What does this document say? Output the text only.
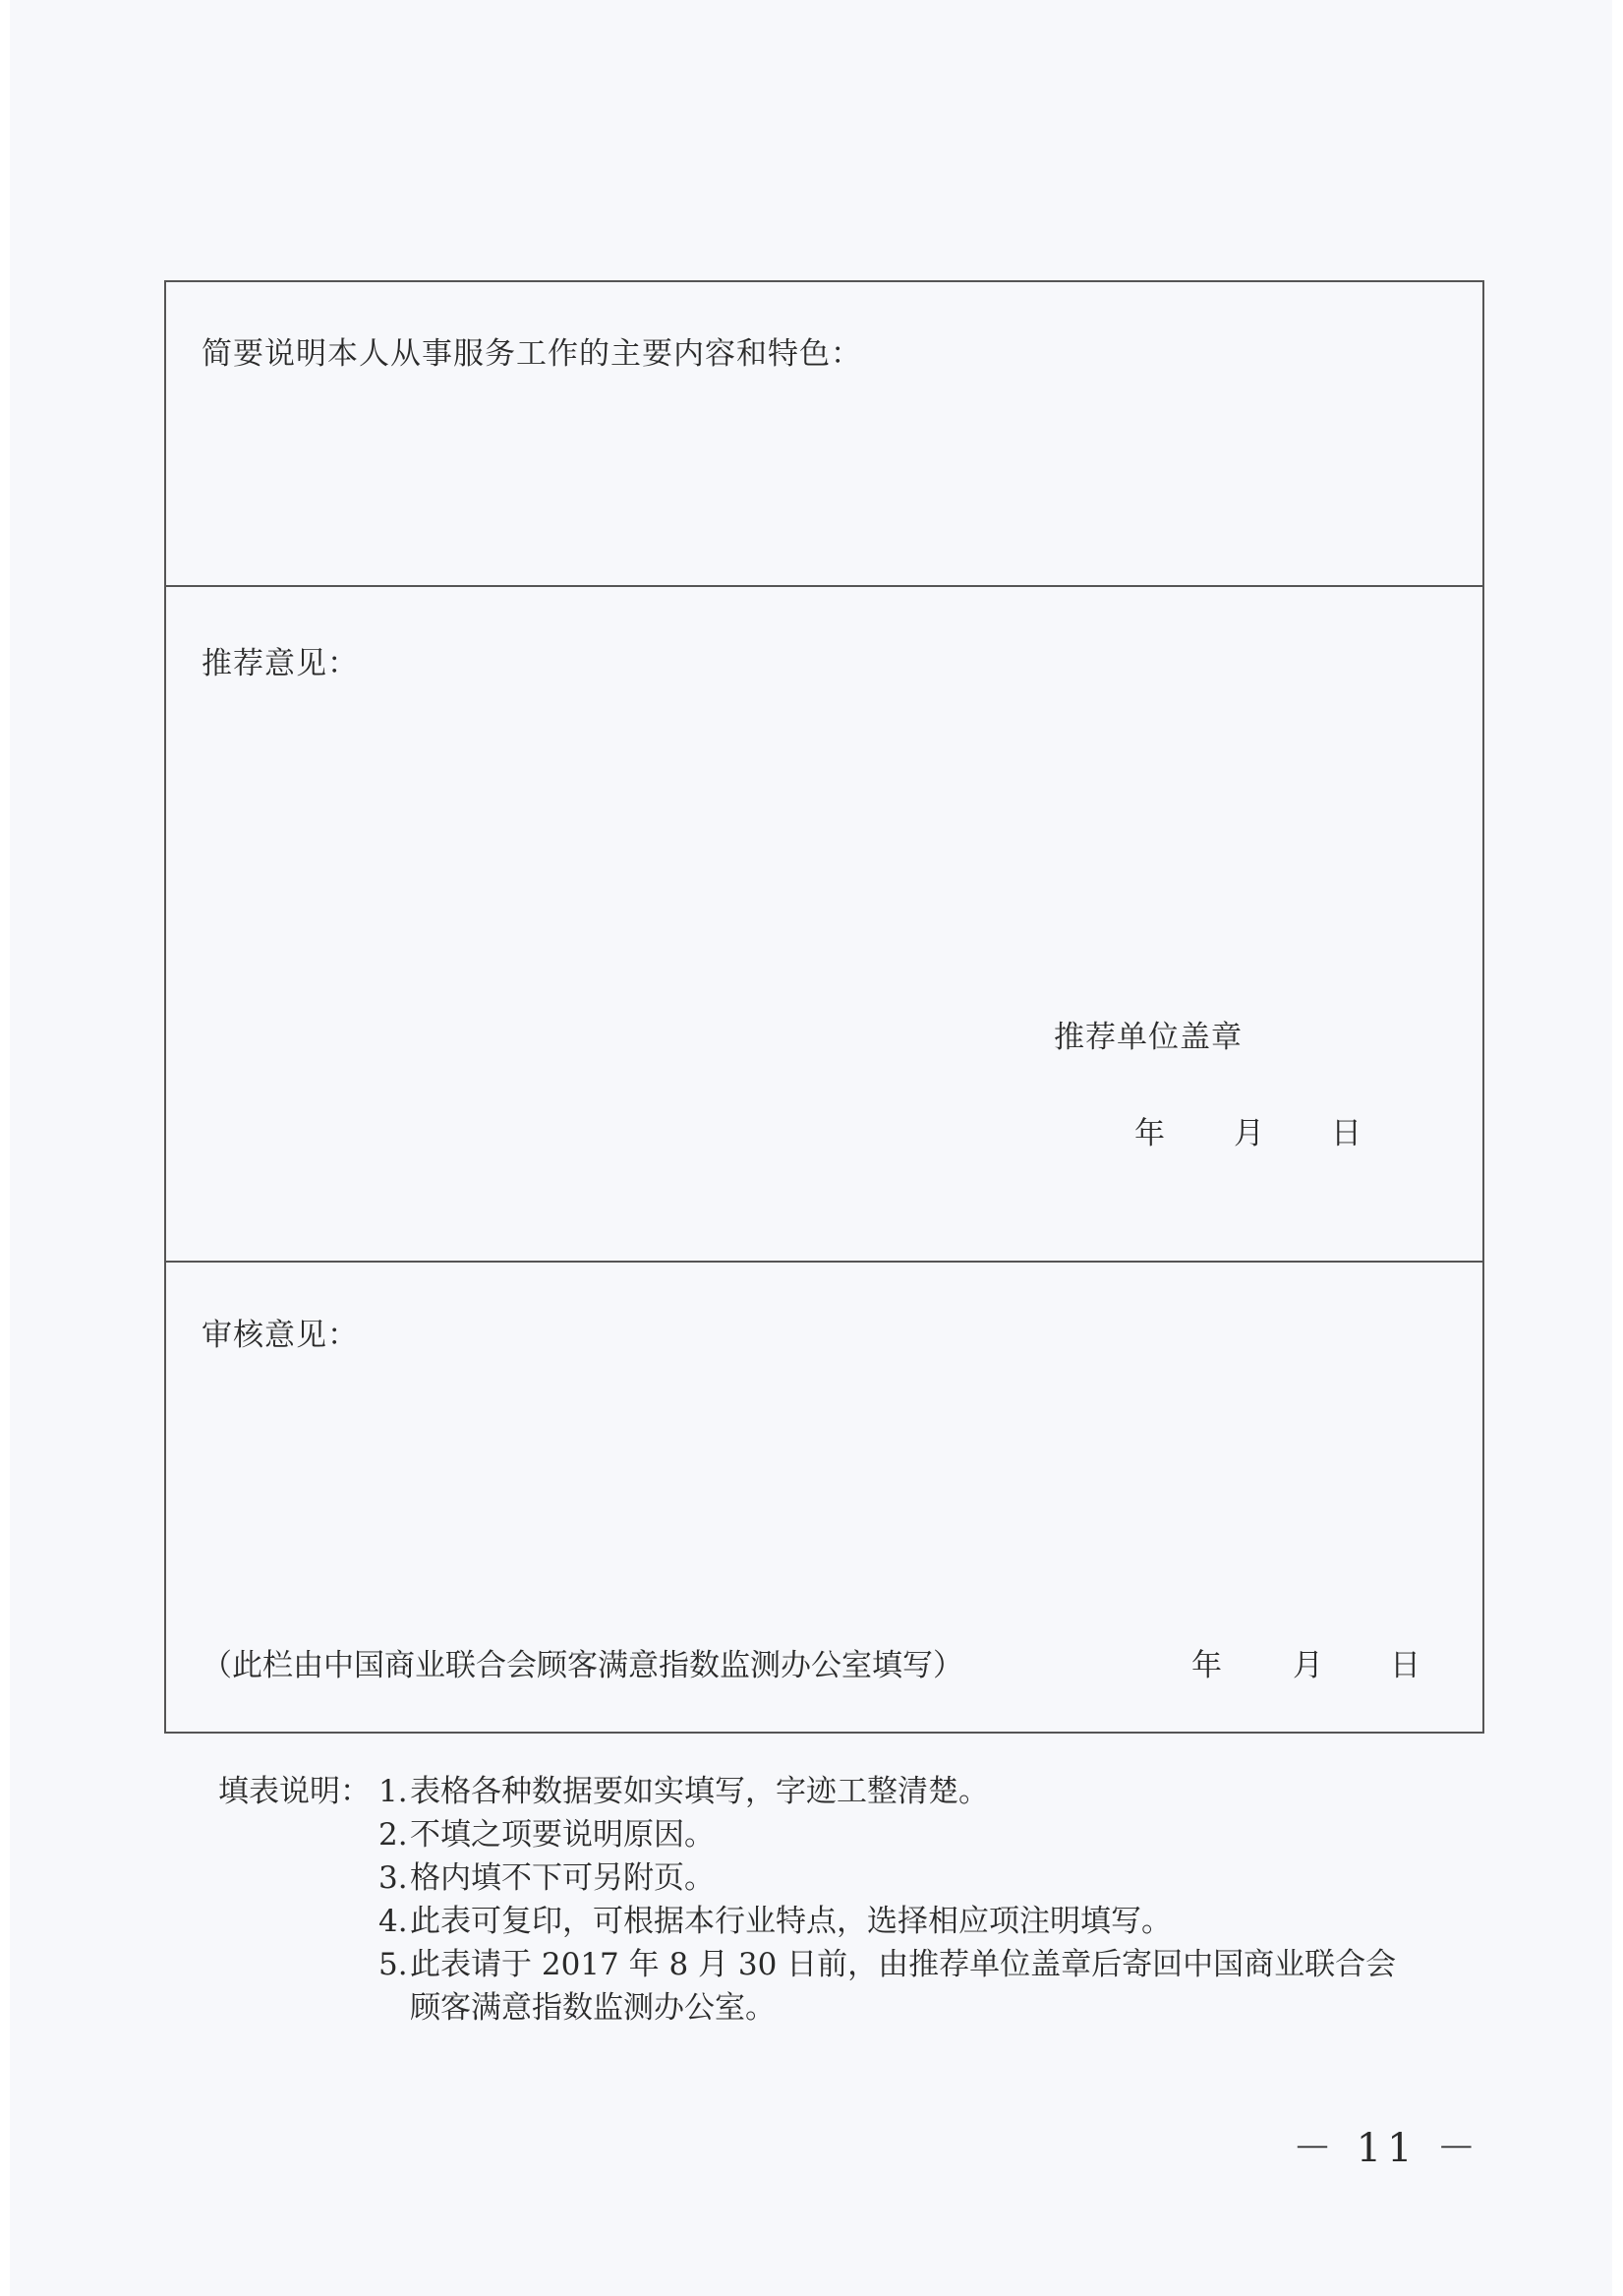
简要说明本人从事服务工作的主要内容和特色：
推荐意见：
推荐单位盖章
年 月 日
审核意见：
（此栏由中国商业联合会顾客满意指数监测办公室填写）	年 月 日
填表说明： 1.表格各种数据要如实填写，字迹工整清楚。
2.不填之项要说明原因。
3.格内填不下可另附页。
4.此表可复印，可根据本行业特点，选择相应项注明填写。
5.此表请于 2017 年 8 月 30 日前，由推荐单位盖章后寄回中国商业联合会
顾客满意指数监测办公室。
－ 11 －
